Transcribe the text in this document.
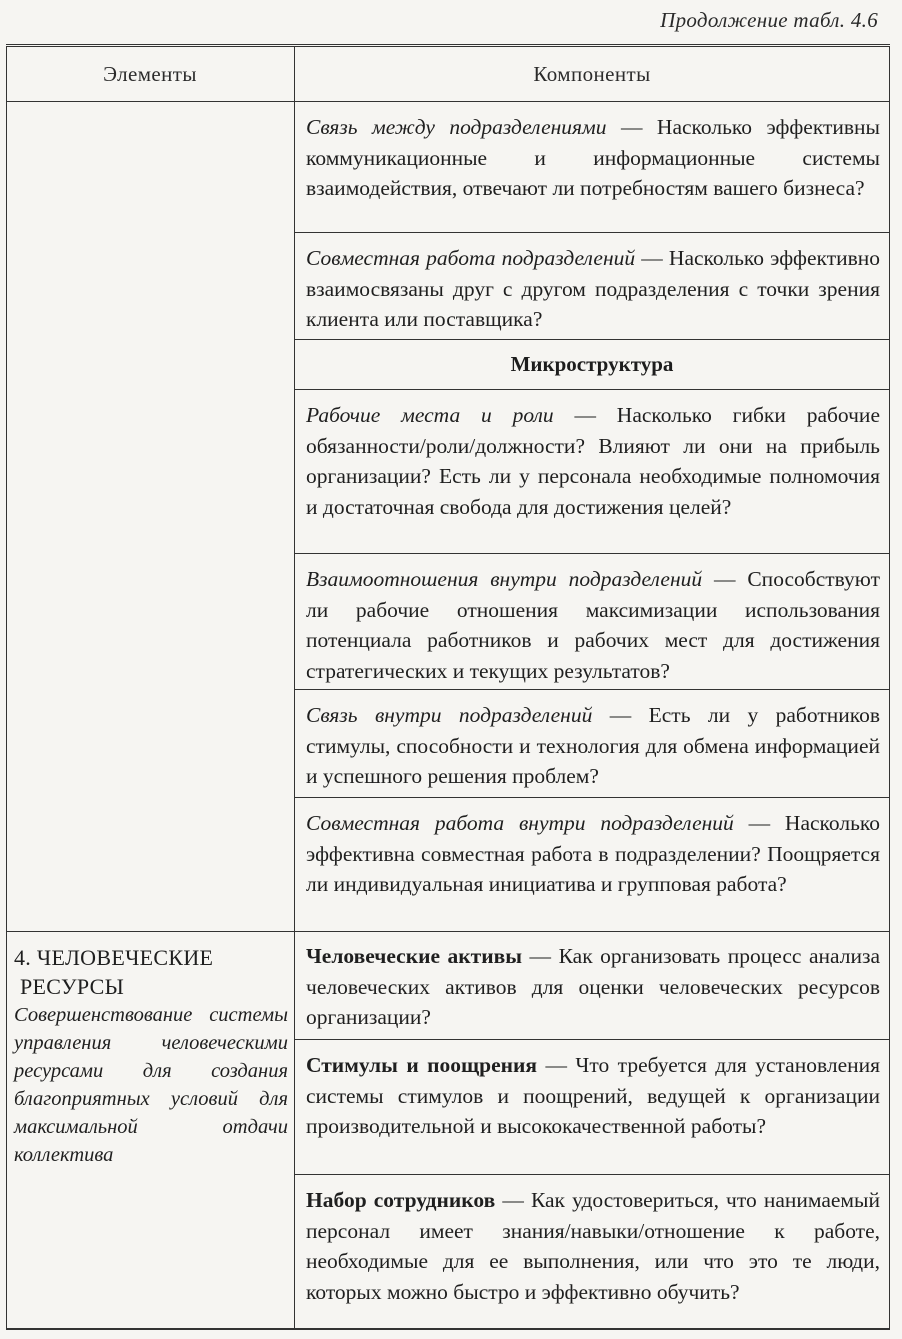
Продолжение табл. 4.6
Элементы	Компоненты
Связь между подразделениями — Насколько эффективны коммуникационные и информационные системы взаимодействия, отвечают ли потребностям вашего бизнеса?
Совместная работа подразделений — Насколько эффективно взаимосвязаны друг с другом подразделения с точки зрения клиента или поставщика?
Микроструктура
Рабочие места и роли — Насколько гибки рабочие обязанности/роли/должности? Влияют ли они на прибыль организации? Есть ли у персонала необходимые полномочия и достаточная свобода для достижения целей?
Взаимоотношения внутри подразделений — Способствуют ли рабочие отношения максимизации использования потенциала работников и рабочих мест для достижения стратегических и текущих результатов?
Связь внутри подразделений — Есть ли у работников стимулы, способности и технология для обмена информацией и успешного решения проблем?
Совместная работа внутри подразделений — Насколько эффективна совместная работа в подразделении? Поощряется ли индивидуальная инициатива и групповая работа?
4. ЧЕЛОВЕЧЕСКИЕ
РЕСУРСЫ
Совершенствование системы управления человеческими ресурсами для создания благоприятных условий для максимальной отдачи коллектива
Человеческие активы — Как организовать процесс анализа человеческих активов для оценки человеческих ресурсов организации?
Стимулы и поощрения — Что требуется для установления системы стимулов и поощрений, ведущей к организации производительной и высококачественной работы?
Набор сотрудников — Как удостовериться, что нанимаемый персонал имеет знания/навыки/отношение к работе, необходимые для ее выполнения, или что это те люди, которых можно быстро и эффективно обучить?
